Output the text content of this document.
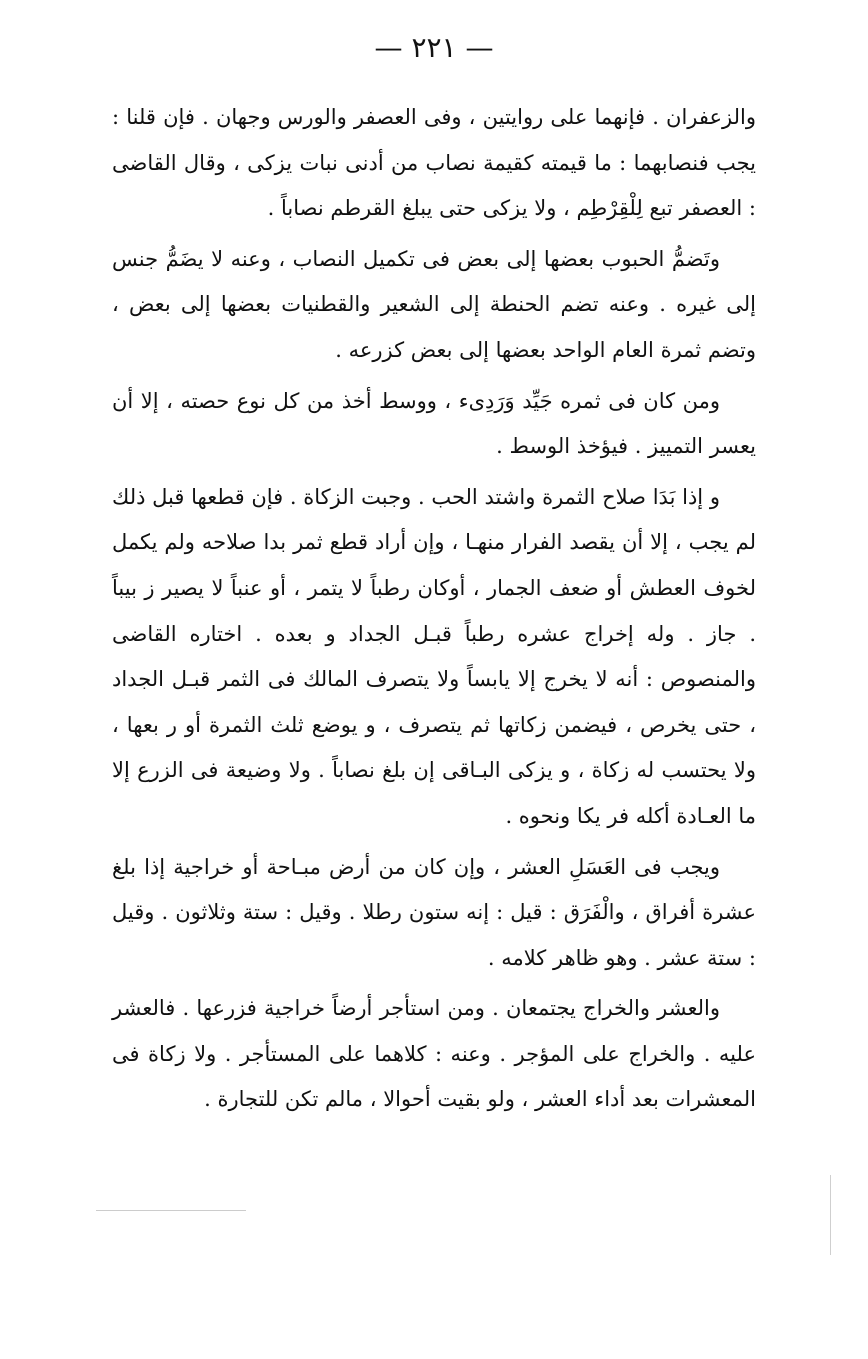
— ٢٢١ —

والزعفران . فإنهما على روايتين ، وفى العصفر والورس وجهان . فإن قلنا : يجب فنصابهما : ما قيمته كقيمة نصاب من أدنى نبات يزكى ، وقال القاضى : العصفر تبع لِلْقِرْطِم ، ولا يزكى حتى يبلغ القرطم نصاباً .

وتَضمُّ الحبوب بعضها إلى بعض فى تكميل النصاب ، وعنه لا يضَمُّ جنس إلى غيره . وعنه تضم الحنطة إلى الشعير والقطنيات بعضها إلى بعض ، وتضم ثمرة العام الواحد بعضها إلى بعض كزرعه .

ومن كان فى ثمره جَيِّد وَرَدِىء ، ووسط أخذ من كل نوع حصته ، إلا أن يعسر التمييز . فيؤخذ الوسط .

و إذا بَدَا صلاح الثمرة واشتد الحب . وجبت الزكاة . فإن قطعها قبل ذلك لم يجب ، إلا أن يقصد الفرار منهـا ، وإن أراد قطع ثمر بدا صلاحه ولم يكمل لخوف العطش أو ضعف الجمار ، أوكان رطباً لا يتمر ، أو عنباً لا يصير ز بيباً . جاز . وله إخراج عشره رطباً قبـل الجداد و بعده . اختاره القاضى والمنصوص : أنه لا يخرج إلا يابساً ولا يتصرف المالك فى الثمر قبـل الجداد ، حتى يخرص ، فيضمن زكاتها ثم يتصرف ، و يوضع ثلث الثمرة أو ر بعها ، ولا يحتسب له زكاة ، و يزكى البـاقى إن بلغ نصاباً . ولا وضيعة فى الزرع إلا ما العـادة أكله فر يكا ونحوه .

ويجب فى العَسَلِ العشر ، وإن كان من أرض مبـاحة أو خراجية إذا بلغ عشرة أفراق ، والْفَرَق : قيل : إنه ستون رطلا . وقيل : ستة وثلاثون . وقيل : ستة عشر . وهو ظاهر كلامه .

والعشر والخراج يجتمعان . ومن استأجر أرضاً خراجية فزرعها . فالعشر عليه . والخراج على المؤجر . وعنه : كلاهما على المستأجر . ولا زكاة فى المعشرات بعد أداء العشر ، ولو بقيت أحوالا ، مالم تكن للتجارة .
